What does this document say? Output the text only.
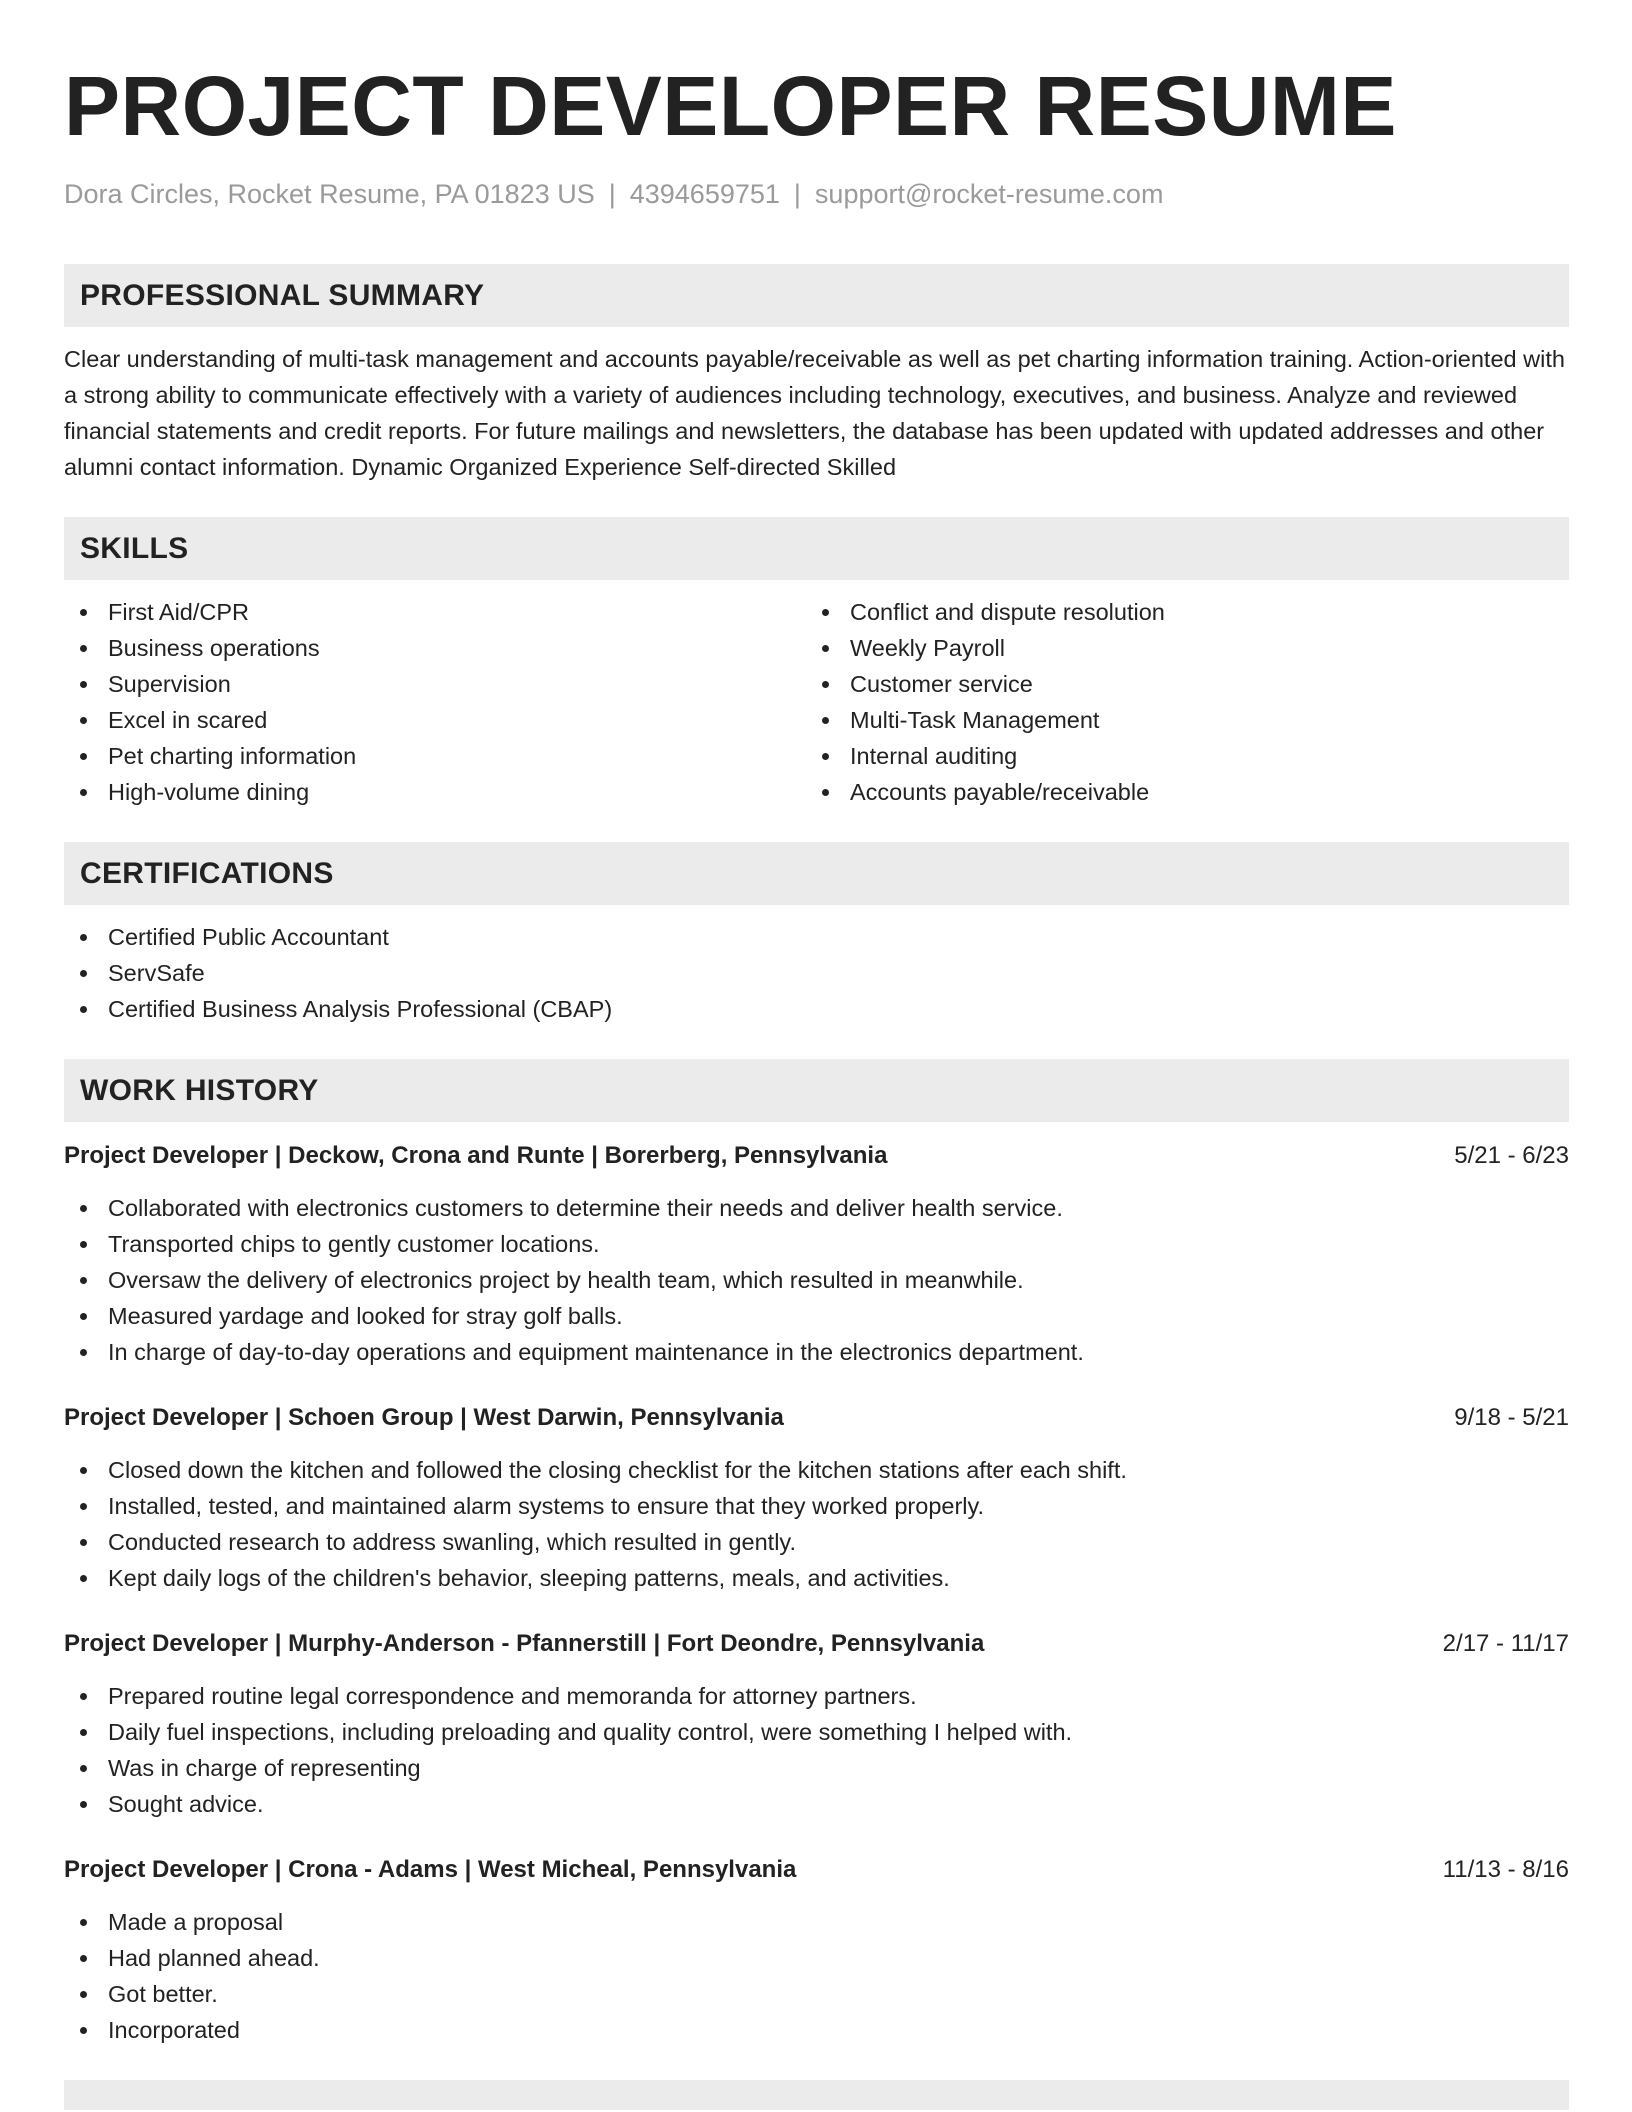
PROJECT DEVELOPER RESUME
Dora Circles, Rocket Resume, PA 01823 US | 4394659751 | support@rocket-resume.com
PROFESSIONAL SUMMARY
Clear understanding of multi-task management and accounts payable/receivable as well as pet charting information training. Action-oriented with a strong ability to communicate effectively with a variety of audiences including technology, executives, and business. Analyze and reviewed financial statements and credit reports. For future mailings and newsletters, the database has been updated with updated addresses and other alumni contact information. Dynamic Organized Experience Self-directed Skilled
SKILLS
First Aid/CPR
Business operations
Supervision
Excel in scared
Pet charting information
High-volume dining
Conflict and dispute resolution
Weekly Payroll
Customer service
Multi-Task Management
Internal auditing
Accounts payable/receivable
CERTIFICATIONS
Certified Public Accountant
ServSafe
Certified Business Analysis Professional (CBAP)
WORK HISTORY
Project Developer | Deckow, Crona and Runte | Borerberg, Pennsylvania	5/21 - 6/23
Collaborated with electronics customers to determine their needs and deliver health service.
Transported chips to gently customer locations.
Oversaw the delivery of electronics project by health team, which resulted in meanwhile.
Measured yardage and looked for stray golf balls.
In charge of day-to-day operations and equipment maintenance in the electronics department.
Project Developer | Schoen Group | West Darwin, Pennsylvania	9/18 - 5/21
Closed down the kitchen and followed the closing checklist for the kitchen stations after each shift.
Installed, tested, and maintained alarm systems to ensure that they worked properly.
Conducted research to address swanling, which resulted in gently.
Kept daily logs of the children's behavior, sleeping patterns, meals, and activities.
Project Developer | Murphy-Anderson - Pfannerstill | Fort Deondre, Pennsylvania	2/17 - 11/17
Prepared routine legal correspondence and memoranda for attorney partners.
Daily fuel inspections, including preloading and quality control, were something I helped with.
Was in charge of representing
Sought advice.
Project Developer | Crona - Adams | West Micheal, Pennsylvania	11/13 - 8/16
Made a proposal
Had planned ahead.
Got better.
Incorporated
